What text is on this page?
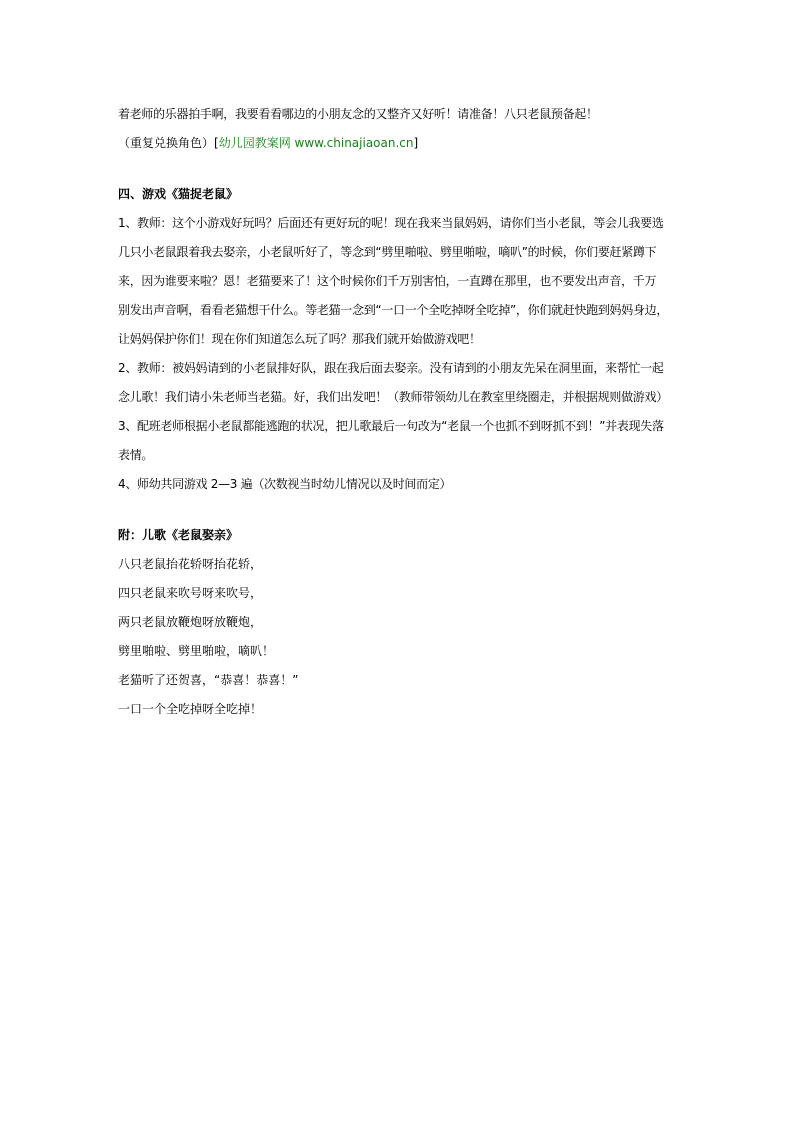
着老师的乐器拍手啊，我要看看哪边的小朋友念的又整齐又好听！请准备！八只老鼠预备起！
（重复兑换角色）[幼儿园教案网 www.chinajiaoan.cn]
四、游戏《猫捉老鼠》
1、教师：这个小游戏好玩吗？后面还有更好玩的呢！现在我来当鼠妈妈，请你们当小老鼠，等会儿我要选
几只小老鼠跟着我去娶亲，小老鼠听好了，等念到“劈里啪啦、劈里啪啦，嘀叭”的时候，你们要赶紧蹲下
来，因为谁要来啦？恩！老猫要来了！这个时候你们千万别害怕，一直蹲在那里，也不要发出声音，千万
别发出声音啊，看看老猫想干什么。等老猫一念到“一口一个全吃掉呀全吃掉”，你们就赶快跑到妈妈身边，
让妈妈保护你们！现在你们知道怎么玩了吗？那我们就开始做游戏吧！
2、教师：被妈妈请到的小老鼠排好队，跟在我后面去娶亲。没有请到的小朋友先呆在洞里面，来帮忙一起
念儿歌！我们请小朱老师当老猫。好，我们出发吧！（教师带领幼儿在教室里绕圈走，并根据规则做游戏）
3、配班老师根据小老鼠都能逃跑的状况，把儿歌最后一句改为“老鼠一个也抓不到呀抓不到！”并表现失落
表情。
4、师幼共同游戏 2—3 遍（次数视当时幼儿情况以及时间而定）
附：儿歌《老鼠娶亲》
八只老鼠抬花轿呀抬花轿，
四只老鼠来吹号呀来吹号，
两只老鼠放鞭炮呀放鞭炮，
劈里啪啦、劈里啪啦，嘀叭！
老猫听了还贺喜，“恭喜！恭喜！”
一口一个全吃掉呀全吃掉！
